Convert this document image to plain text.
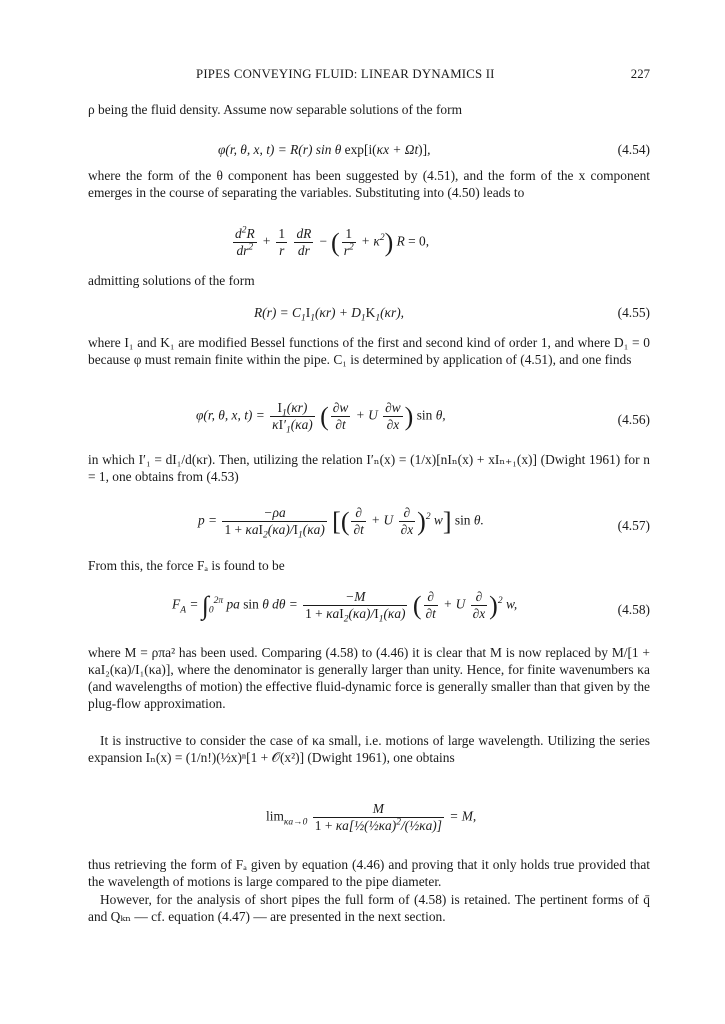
PIPES CONVEYING FLUID: LINEAR DYNAMICS II	227

ρ being the fluid density. Assume now separable solutions of the form

φ(r, θ, x, t) = R(r) sin θ exp[i(κx + Ωt)],	(4.54)

where the form of the θ component has been suggested by (4.51), and the form of the x component emerges in the course of separating the variables. Substituting into (4.50) leads to

$\frac{d^2R}{dr^2} + \frac{1}{r}$
$\frac{dR}{dr}$ − ( $\frac{1}{r^2} + \kappa^2$) R = 0,

admitting solutions of the form

$R(r) = C_1I_1(\kappa r) + D_1K_1(\kappa r)$,	(4.55)

where I₁ and K₁ are modified Bessel functions of the first and second kind of order 1, and where D₁ = 0 because φ must remain finite within the pipe. C₁ is determined by application of (4.51), and one finds

φ(r, θ, x, $t) = \frac{I_1(\kappa r)}{\kappa I'_1(\kappa a)}$ ( $\frac{\partial w}{\partial t} + U \frac{\partial w}{\partial x}$ ) sin θ,	(4.56)

in which I′₁ = dI₁/d(κr). Then, utilizing the relation I′ₙ(x) = (1/x)[nIₙ(x) + xIₙ₊₁(x)] (Dwight 1961) for n = 1, one obtains from (4.53)

$p = \frac{-\rho a}{1 + \kappa aI_2(\kappa a)/I_1(\kappa a)}$ [( $\frac{\partial}{\partial t} + U \frac{\partial}{\partial x} )^2$ w] sin θ.	(4.57)

From this, the force Fₐ is found to be

$F_A = \int_0^{2\pi}$ pa sin θ $d\theta = \frac{-M}{1 + \kappa aI_2(\kappa a)/I_1(\kappa a)}$ ( $\frac{\partial}{\partial t} + U \frac{\partial}{\partial x} )^2$ w,	(4.58)

where M = ρπa² has been used. Comparing (4.58) to (4.46) it is clear that M is now replaced by M/[1 + κaI₂(κa)/I₁(κa)], where the denominator is generally larger than unity. Hence, for finite wavenumbers κa (and wavelengths of motion) the effective fluid-dynamic force is generally smaller than that given by the plug-flow approximation.

It is instructive to consider the case of κa small, i.e. motions of large wavelength. Utilizing the series expansion Iₙ(x) = (1/n!)(½x)ⁿ[1 + 𝒪(x²)] (Dwight 1961), one obtains

$\lim_{\kappa a\to 0} \frac{M}{1 + \kappa a[\frac{1}{2}(\frac{1}{2}\kappa a)^2/(\frac{1}{2}\kappa a)]} = M$,

thus retrieving the form of Fₐ given by equation (4.46) and proving that it only holds true provided that the wavelength of motions is large compared to the pipe diameter.

However, for the analysis of short pipes the full form of (4.58) is retained. The pertinent forms of q̄ and Qₖₙ — cf. equation (4.47) — are presented in the next section.
